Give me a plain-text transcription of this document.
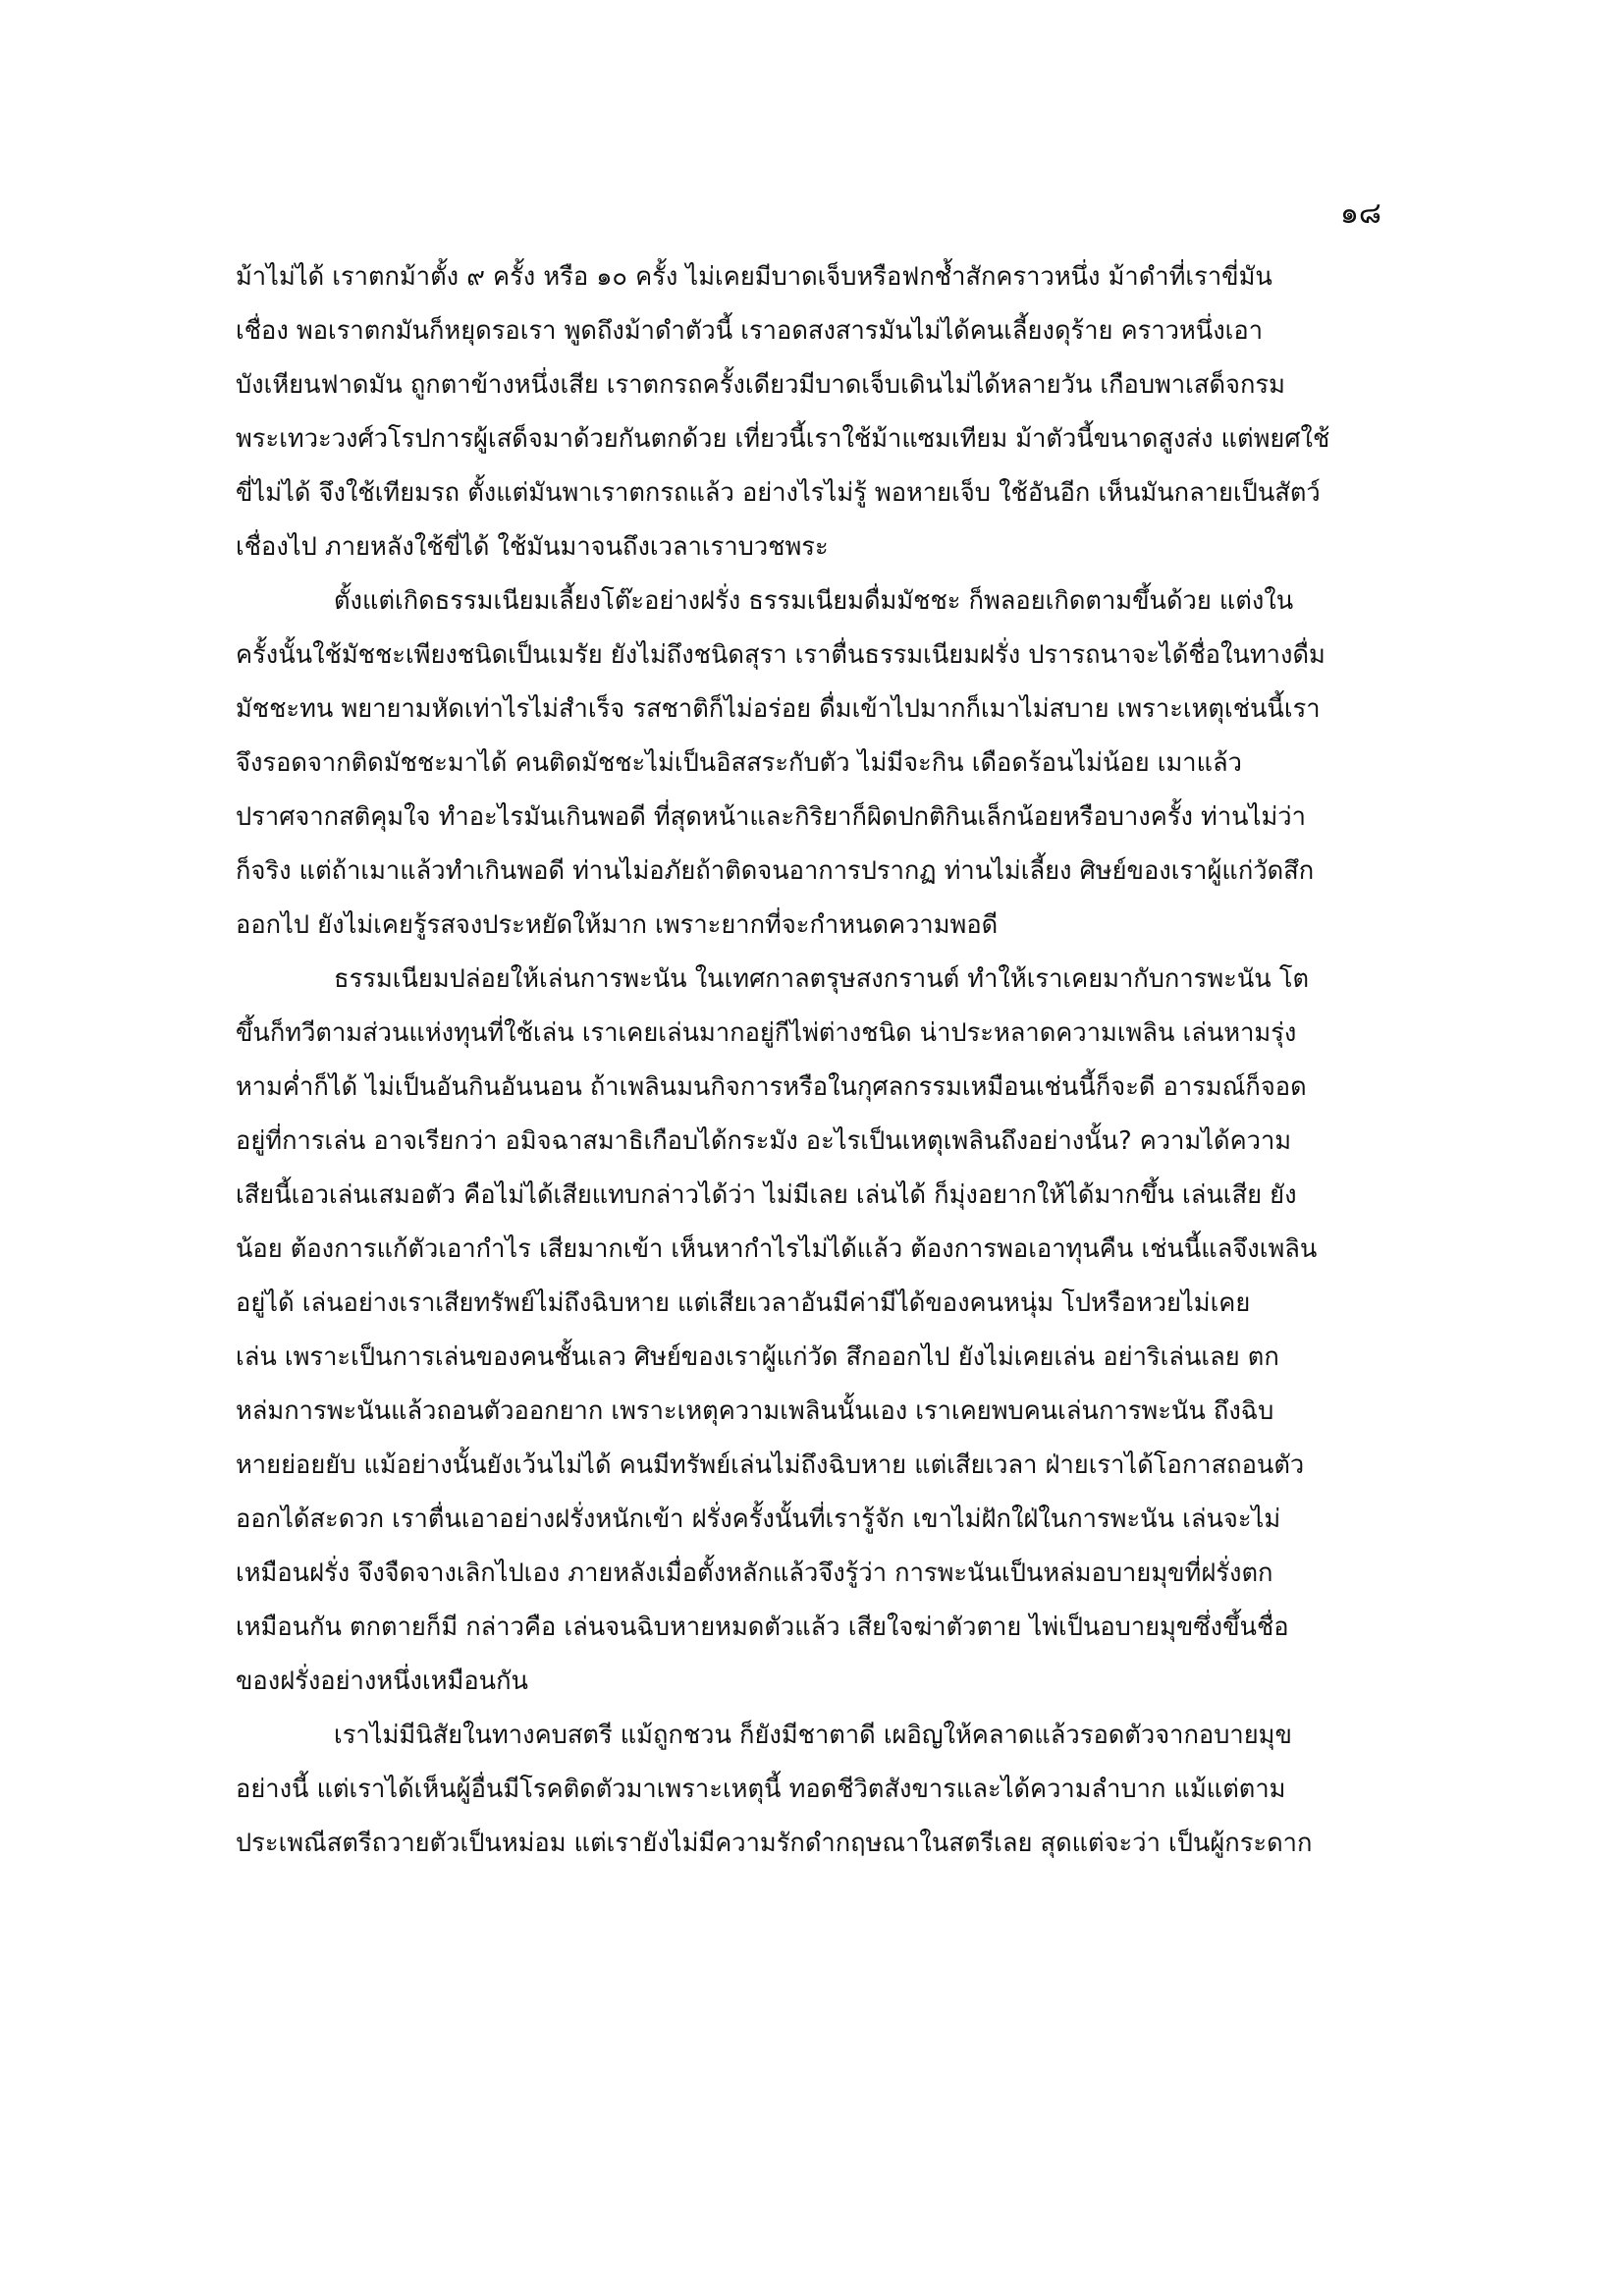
๑๘
ม้าไม่ได้ เราตกม้าตั้ง ๙ ครั้ง หรือ ๑๐ ครั้ง ไม่เคยมีบาดเจ็บหรือฟกช้ำสักคราวหนึ่ง ม้าดำที่เราขี่มัน
เชื่อง พอเราตกมันก็หยุดรอเรา พูดถึงม้าดำตัวนี้ เราอดสงสารมันไม่ได้คนเลี้ยงดุร้าย คราวหนึ่งเอา
บังเหียนฟาดมัน ถูกตาข้างหนึ่งเสีย เราตกรถครั้งเดียวมีบาดเจ็บเดินไม่ได้หลายวัน เกือบพาเสด็จกรม
พระเทวะวงศ์วโรปการผู้เสด็จมาด้วยกันตกด้วย เที่ยวนี้เราใช้ม้าแซมเทียม ม้าตัวนี้ขนาดสูงส่ง แต่พยศใช้
ขี่ไม่ได้ จึงใช้เทียมรถ ตั้งแต่มันพาเราตกรถแล้ว อย่างไรไม่รู้ พอหายเจ็บ ใช้อันอีก เห็นมันกลายเป็นสัตว์
เชื่องไป ภายหลังใช้ขี่ได้ ใช้มันมาจนถึงเวลาเราบวชพระ
ตั้งแต่เกิดธรรมเนียมเลี้ยงโต๊ะอย่างฝรั่ง ธรรมเนียมดื่มมัชชะ ก็พลอยเกิดตามขึ้นด้วย แต่งใน
ครั้งนั้นใช้มัชชะเพียงชนิดเป็นเมรัย ยังไม่ถึงชนิดสุรา เราตื่นธรรมเนียมฝรั่ง ปรารถนาจะได้ชื่อในทางดื่ม
มัชชะทน พยายามหัดเท่าไรไม่สำเร็จ รสชาติก็ไม่อร่อย ดื่มเข้าไปมากก็เมาไม่สบาย เพราะเหตุเช่นนี้เรา
จึงรอดจากติดมัชชะมาได้ คนติดมัชชะไม่เป็นอิสสระกับตัว ไม่มีจะกิน เดือดร้อนไม่น้อย เมาแล้ว
ปราศจากสติคุมใจ ทำอะไรมันเกินพอดี ที่สุดหน้าและกิริยาก็ผิดปกติกินเล็กน้อยหรือบางครั้ง ท่านไม่ว่า
ก็จริง แต่ถ้าเมาแล้วทำเกินพอดี ท่านไม่อภัยถ้าติดจนอาการปรากฏ ท่านไม่เลี้ยง ศิษย์ของเราผู้แก่วัดสึก
ออกไป ยังไม่เคยรู้รสจงประหยัดให้มาก เพราะยากที่จะกำหนดความพอดี
ธรรมเนียมปล่อยให้เล่นการพะนัน ในเทศกาลตรุษสงกรานต์ ทำให้เราเคยมากับการพะนัน โต
ขึ้นก็ทวีตามส่วนแห่งทุนที่ใช้เล่น เราเคยเล่นมากอยู่กีไพ่ต่างชนิด น่าประหลาดความเพลิน เล่นหามรุ่ง
หามค่ำก็ได้ ไม่เป็นอันกินอันนอน ถ้าเพลินมนกิจการหรือในกุศลกรรมเหมือนเช่นนี้ก็จะดี อารมณ์ก็จอด
อยู่ที่การเล่น อาจเรียกว่า อมิจฉาสมาธิเกือบได้กระมัง อะไรเป็นเหตุเพลินถึงอย่างนั้น? ความได้ความ
เสียนี้เอวเล่นเสมอตัว คือไม่ได้เสียแทบกล่าวได้ว่า ไม่มีเลย เล่นได้ ก็มุ่งอยากให้ได้มากขึ้น เล่นเสีย ยัง
น้อย ต้องการแก้ตัวเอากำไร เสียมากเข้า เห็นหากำไรไม่ได้แล้ว ต้องการพอเอาทุนคืน เช่นนี้แลจึงเพลิน
อยู่ได้ เล่นอย่างเราเสียทรัพย์ไม่ถึงฉิบหาย แต่เสียเวลาอันมีค่ามีได้ของคนหนุ่ม โปหรือหวยไม่เคย
เล่น เพราะเป็นการเล่นของคนชั้นเลว ศิษย์ของเราผู้แก่วัด สึกออกไป ยังไม่เคยเล่น อย่าริเล่นเลย ตก
หล่มการพะนันแล้วถอนตัวออกยาก เพราะเหตุความเพลินนั้นเอง เราเคยพบคนเล่นการพะนัน ถึงฉิบ
หายย่อยยับ แม้อย่างนั้นยังเว้นไม่ได้ คนมีทรัพย์เล่นไม่ถึงฉิบหาย แต่เสียเวลา ฝ่ายเราได้โอกาสถอนตัว
ออกได้สะดวก เราตื่นเอาอย่างฝรั่งหนักเข้า ฝรั่งครั้งนั้นที่เรารู้จัก เขาไม่ฝักใฝ่ในการพะนัน เล่นจะไม่
เหมือนฝรั่ง จึงจืดจางเลิกไปเอง ภายหลังเมื่อตั้งหลักแล้วจึงรู้ว่า การพะนันเป็นหล่มอบายมุขที่ฝรั่งตก
เหมือนกัน ตกตายก็มี กล่าวคือ เล่นจนฉิบหายหมดตัวแล้ว เสียใจฆ่าตัวตาย ไพ่เป็นอบายมุขซึ่งขึ้นชื่อ
ของฝรั่งอย่างหนึ่งเหมือนกัน
เราไม่มีนิสัยในทางคบสตรี แม้ถูกชวน ก็ยังมีชาตาดี เผอิญให้คลาดแล้วรอดตัวจากอบายมุข
อย่างนี้ แต่เราได้เห็นผู้อื่นมีโรคติดตัวมาเพราะเหตุนี้ ทอดชีวิตสังขารและได้ความลำบาก แม้แต่ตาม
ประเพณีสตรีถวายตัวเป็นหม่อม แต่เรายังไม่มีความรักดำกฤษณาในสตรีเลย สุดแต่จะว่า เป็นผู้กระดาก
